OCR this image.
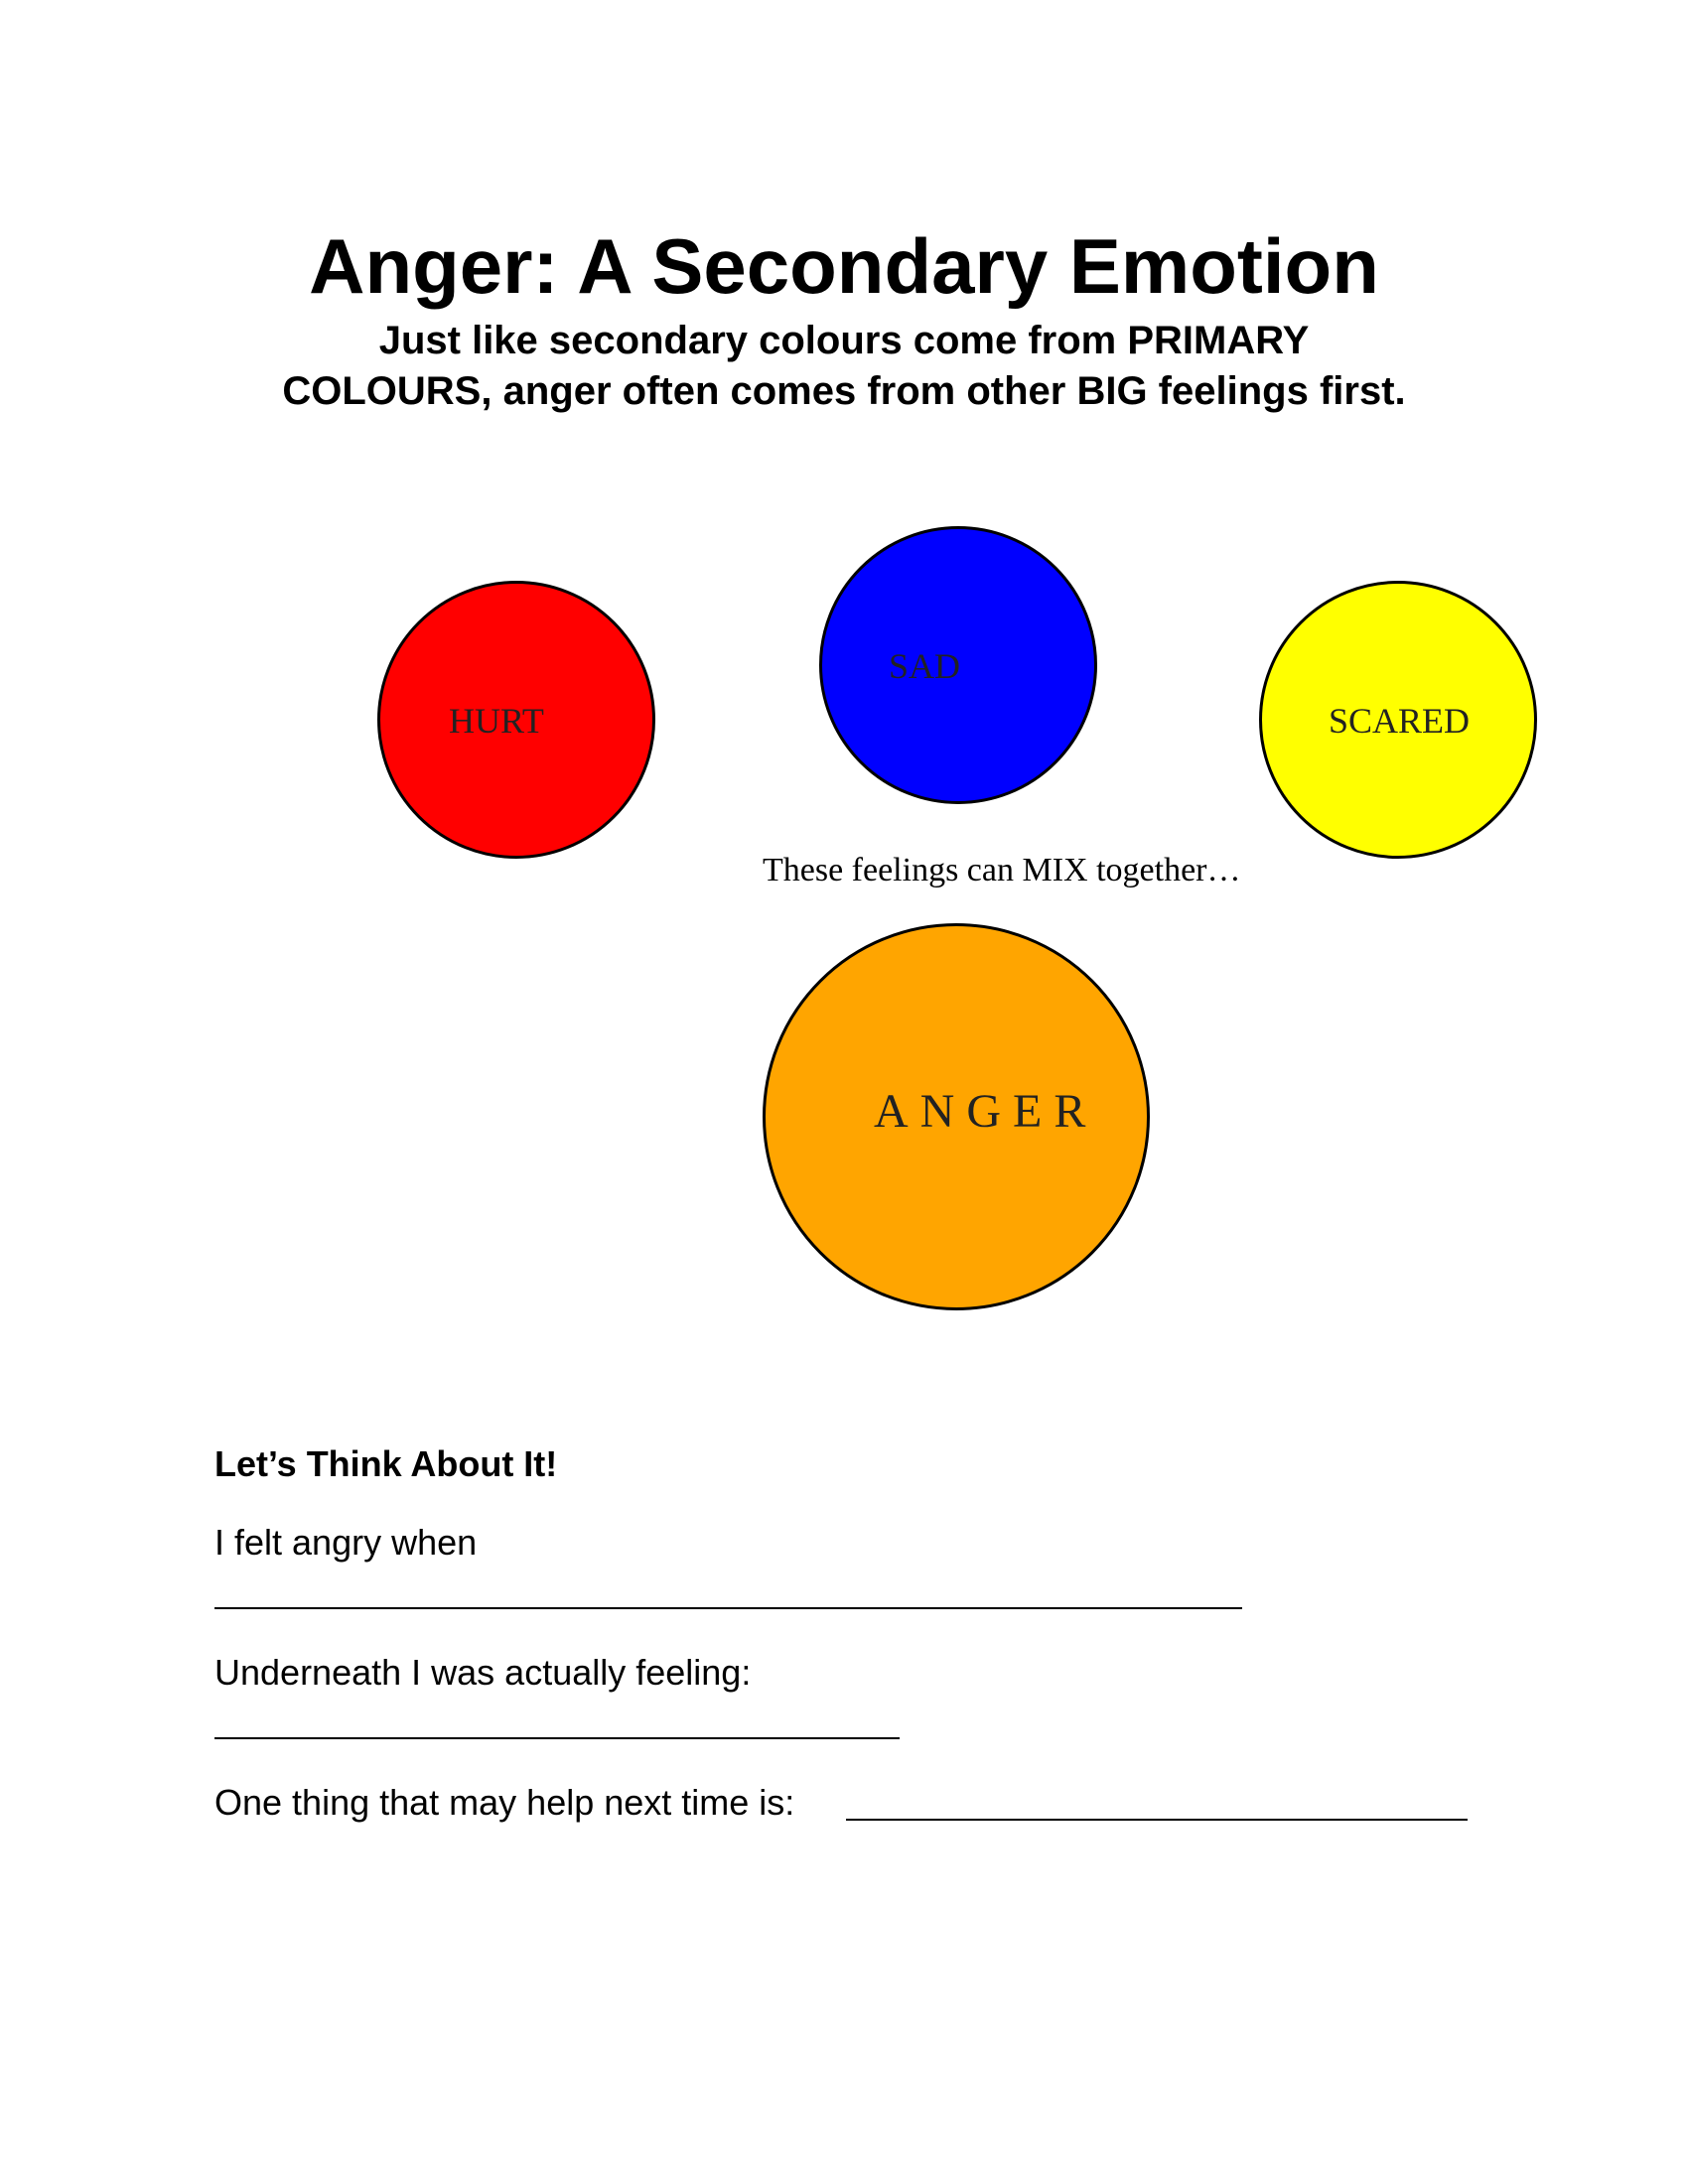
Anger: A Secondary Emotion
Just like secondary colours come from PRIMARY
COLOURS, anger often comes from other BIG feelings first.
HURT
SAD
SCARED
ANGER
These feelings can MIX together…
Let’s Think About It!
I felt angry when
Underneath I was actually feeling:
One thing that may help next time is:
